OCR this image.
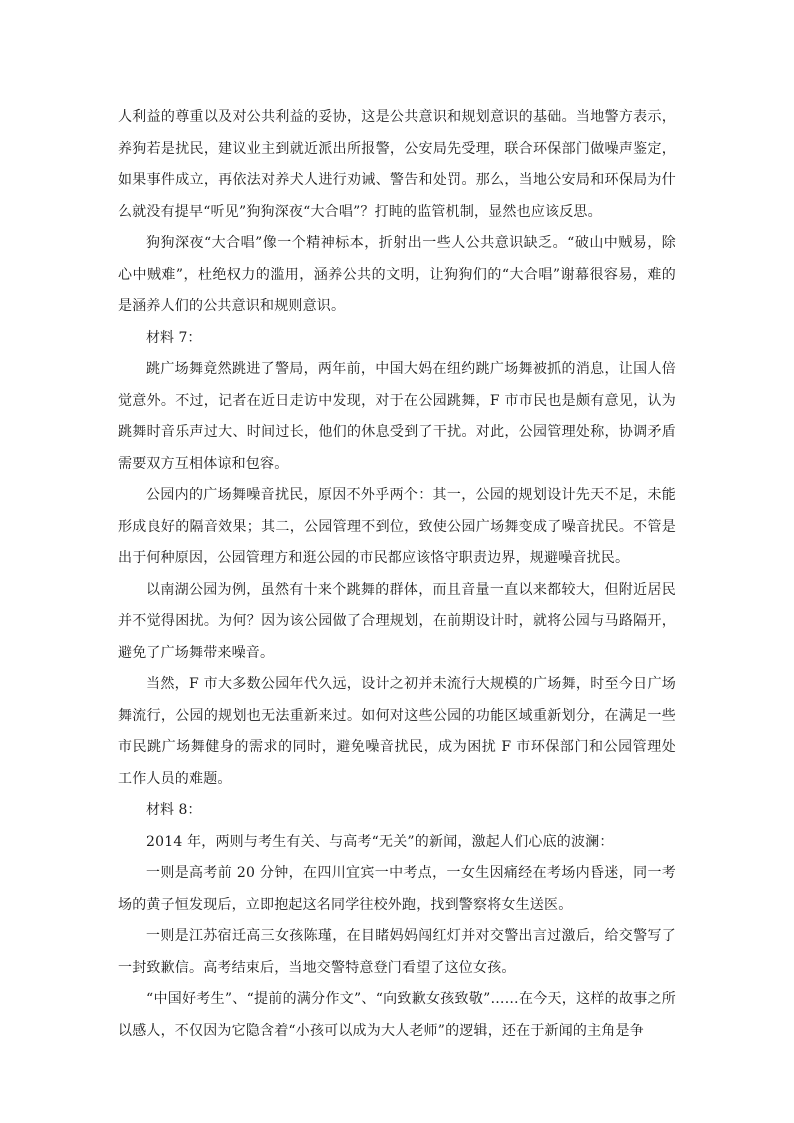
人利益的尊重以及对公共利益的妥协，这是公共意识和规划意识的基础。当地警方表示，养狗若是扰民，建议业主到就近派出所报警，公安局先受理，联合环保部门做噪声鉴定，如果事件成立，再依法对养犬人进行劝诫、警告和处罚。那么，当地公安局和环保局为什么就没有提早“听见”狗狗深夜“大合唱”？打盹的监管机制，显然也应该反思。

狗狗深夜“大合唱”像一个精神标本，折射出一些人公共意识缺乏。“破山中贼易，除心中贼难”，杜绝权力的滥用，涵养公共的文明，让狗狗们的“大合唱”谢幕很容易，难的是涵养人们的公共意识和规则意识。

材料 7：

跳广场舞竟然跳进了警局，两年前，中国大妈在纽约跳广场舞被抓的消息，让国人倍觉意外。不过，记者在近日走访中发现，对于在公园跳舞，F 市市民也是颇有意见，认为跳舞时音乐声过大、时间过长，他们的休息受到了干扰。对此，公园管理处称，协调矛盾需要双方互相体谅和包容。

公园内的广场舞噪音扰民，原因不外乎两个：其一，公园的规划设计先天不足，未能形成良好的隔音效果；其二，公园管理不到位，致使公园广场舞变成了噪音扰民。不管是出于何种原因，公园管理方和逛公园的市民都应该恪守职责边界，规避噪音扰民。

以南湖公园为例，虽然有十来个跳舞的群体，而且音量一直以来都较大，但附近居民并不觉得困扰。为何？因为该公园做了合理规划，在前期设计时，就将公园与马路隔开，避免了广场舞带来噪音。

当然，F 市大多数公园年代久远，设计之初并未流行大规模的广场舞，时至今日广场舞流行，公园的规划也无法重新来过。如何对这些公园的功能区域重新划分，在满足一些市民跳广场舞健身的需求的同时，避免噪音扰民，成为困扰 F 市环保部门和公园管理处工作人员的难题。

材料 8：

2014 年，两则与考生有关、与高考“无关”的新闻，激起人们心底的波澜：

一则是高考前 20 分钟，在四川宜宾一中考点，一女生因痛经在考场内昏迷，同一考场的黄子恒发现后，立即抱起这名同学往校外跑，找到警察将女生送医。

一则是江苏宿迁高三女孩陈瑾，在目睹妈妈闯红灯并对交警出言过激后，给交警写了一封致歉信。高考结束后，当地交警特意登门看望了这位女孩。

“中国好考生”、“提前的满分作文”、“向致歉女孩致敬”……在今天，这样的故事之所以感人，不仅因为它隐含着“小孩可以成为大人老师”的逻辑，还在于新闻的主角是争
